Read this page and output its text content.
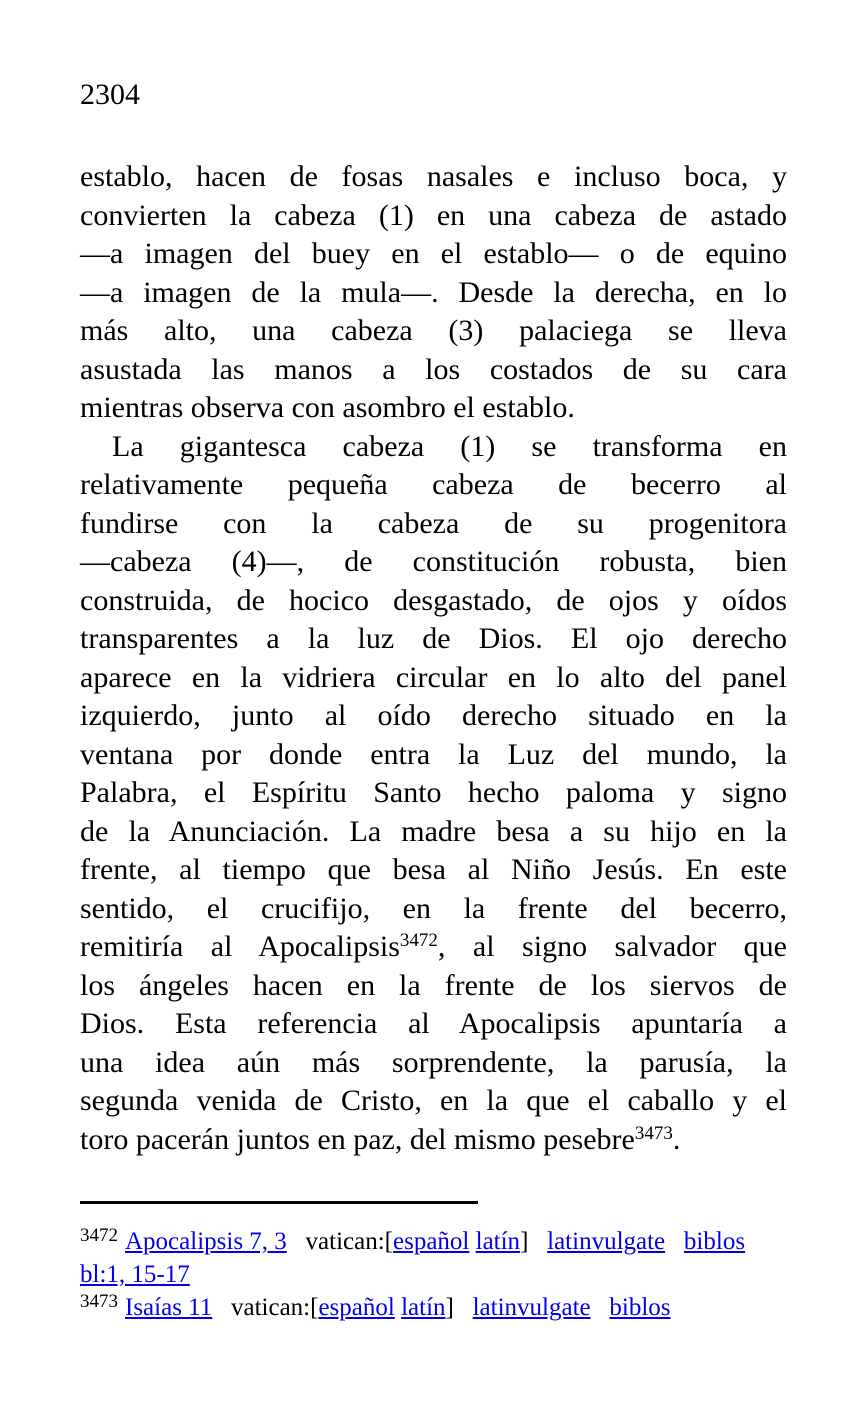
2304
establo, hacen de fosas nasales e incluso boca, y
convierten la cabeza (1) en una cabeza de astado
—a imagen del buey en el establo— o de equino
—a imagen de la mula—. Desde la derecha, en lo
más alto, una cabeza (3) palaciega se lleva
asustada las manos a los costados de su cara
mientras observa con asombro el establo.
La gigantesca cabeza (1) se transforma en
relativamente pequeña cabeza de becerro al
fundirse con la cabeza de su progenitora
—cabeza (4)—, de constitución robusta, bien
construida, de hocico desgastado, de ojos y oídos
transparentes a la luz de Dios. El ojo derecho
aparece en la vidriera circular en lo alto del panel
izquierdo, junto al oído derecho situado en la
ventana por donde entra la Luz del mundo, la
Palabra, el Espíritu Santo hecho paloma y signo
de la Anunciación. La madre besa a su hijo en la
frente, al tiempo que besa al Niño Jesús. En este
sentido, el crucifijo, en la frente del becerro,
remitiría al Apocalipsis$^{3472}$, al signo salvador que
los ángeles hacen en la frente de los siervos de
Dios. Esta referencia al Apocalipsis apuntaría a
una idea aún más sorprendente, la parusía, la
segunda venida de Cristo, en la que el caballo y el
toro pacerán juntos en paz, del mismo pesebre$^{3473}$.
$^{3472}$ Apocalipsis 7, 3   vatican:[español latín]   latinvulgate biblos
bl:1, 15-17
$^{3473}$ Isaías 11   vatican:[español latín]   latinvulgate biblos
